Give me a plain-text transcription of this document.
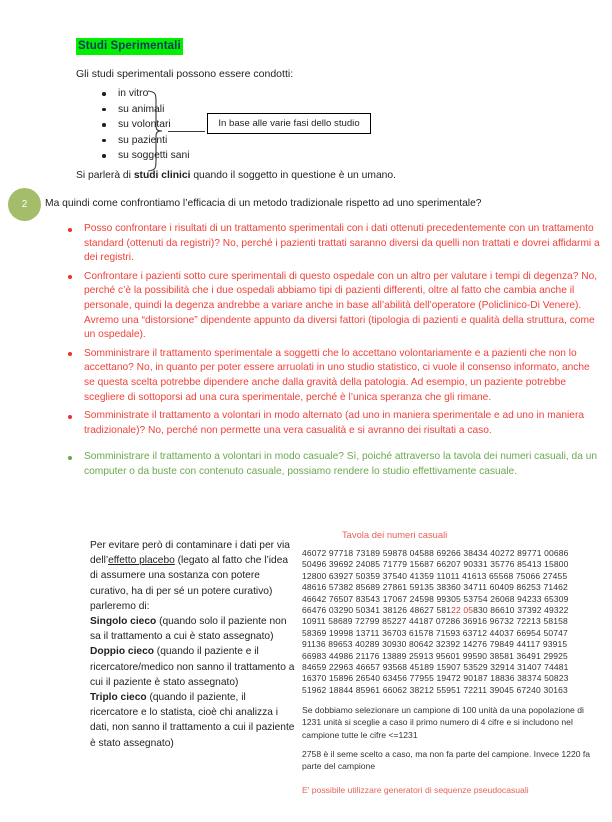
Studi Sperimentali
Gli studi sperimentali possono essere condotti:
in vitro
su animali
su volontari
su pazienti
su soggetti sani
In base alle varie fasi dello studio
Si parlerà di studi clinici quando il soggetto in questione è un umano.
2 Ma quindi come confrontiamo l’efficacia di un metodo tradizionale rispetto ad uno sperimentale?
Posso confrontare i risultati di un trattamento sperimentali con i dati ottenuti precedentemente con un trattamento standard (ottenuti da registri)? No, perché i pazienti trattati saranno diversi da quelli non trattati e dovrei affidarmi a dei registri.
Confrontare i pazienti sotto cure sperimentali di questo ospedale con un altro per valutare i tempi di degenza? No, perché c’è la possibilità che i due ospedali abbiamo tipi di pazienti differenti, oltre al fatto che cambia anche il personale, quindi la degenza andrebbe a variare anche in base all’abilità dell’operatore (Policlinico-Di Venere). Avremo una “distorsione” dipendente appunto da diversi fattori (tipologia di pazienti e qualità della struttura, come un ospedale).
Somministrare il trattamento sperimentale a soggetti che lo accettano volontariamente e a pazienti che non lo accettano? No, in quanto per poter essere arruolati in uno studio statistico, ci vuole il consenso informato, anche se questa scelta potrebbe dipendere anche dalla gravità della patologia. Ad esempio, un paziente potrebbe scegliere di sottoporsi ad una cura sperimentale, perché è l’unica speranza che gli rimane.
Somministrate il trattamento a volontari in modo alternato (ad uno in maniera sperimentale e ad uno in maniera tradizionale)? No, perché non permette una vera casualità e si avranno dei risultati a caso.
Somministrare il trattamento a volontari in modo casuale? Sì, poiché attraverso la tavola dei numeri casuali, da un computer o da buste con contenuto casuale, possiamo rendere lo studio effettivamente casuale.

Per evitare però di contaminare i dati per via dell’effetto placebo (legato al fatto che l’idea di assumere una sostanza con potere curativo, ha di per sé un potere curativo) parleremo di:

Singolo cieco (quando solo il paziente non sa il trattamento a cui è stato assegnato)

Doppio cieco (quando il paziente e il ricercatore/medico non sanno il trattamento a cui il paziente è stato assegnato)

Triplo cieco (quando il paziente, il ricercatore e lo statista, cioè chi analizza i dati, non sanno il trattamento a cui il paziente è stato assegnato)

Tavola dei numeri casuali
46072 97718 73189 59878 04588 69266 38434 40272 89771 00686
50496 39692 24085 71779 15687 66207 90331 35776 85413 15800
12800 63927 50359 37540 41359 11011 41613 65568 75066 27455
48616 57382 85689 27861 59135 38360 34711 60409 86253 71462
46642 76507 83543 17067 24598 99305 53754 26068 94233 65309
66476 03290 50341 38126 48627 58122 05830 86610 37392 49322
10911 58689 72799 85227 44187 07286 36916 96732 72213 58158
58369 19998 13711 36703 61578 71593 63712 44037 66954 50747
91136 89653 40289 30930 80642 32392 14276 79849 44117 93915
66983 44986 21176 13889 25913 95601 99590 38581 36491 29925
84659 22963 46657 93568 45189 15907 53529 32914 31407 74481
16370 15896 26540 63456 77955 19472 90187 18836 38374 50823
51962 18844 85961 66062 38212 55951 72211 39045 67240 30163
Se dobbiamo selezionare un campione di 100 unità da una popolazione di 1231 unità si sceglie a caso il primo numero di 4 cifre e si includono nel campione tutte le cifre <=1231
2758 è il seme scelto a caso, ma non fa parte del campione. Invece 1220 fa parte del campione
E' possibile utilizzare generatori di sequenze pseudocasuali
